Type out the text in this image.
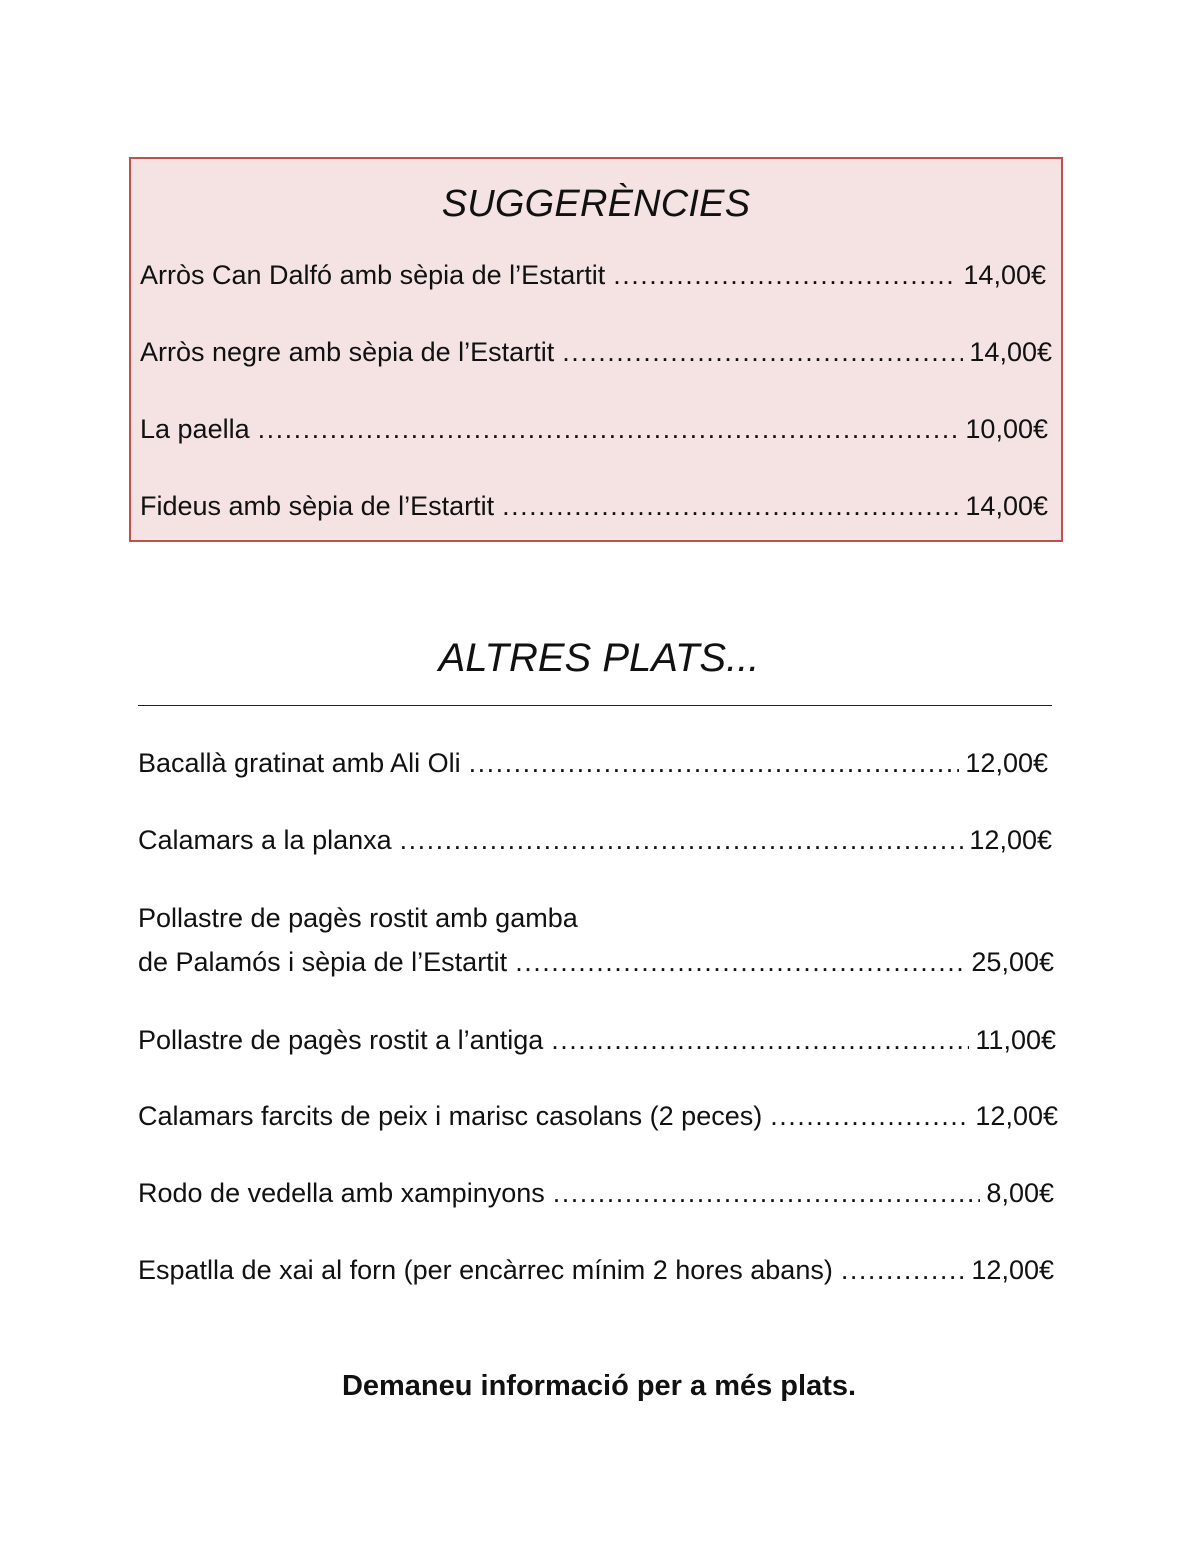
SUGGERÈNCIES
Arròs Can Dalfó amb sèpia de l’Estartit .....	14,00€
Arròs negre amb sèpia de l’Estartit .....	14,00€
La paella .....	10,00€
Fideus amb sèpia de l’Estartit .....	14,00€
ALTRES PLATS...
Bacallà gratinat amb Ali Oli .....	12,00€
Calamars a la planxa .....	12,00€
Pollastre de pagès rostit amb gamba
de Palamós i sèpia de l’Estartit .....	25,00€
Pollastre de pagès rostit a l’antiga .....	11,00€
Calamars farcits de peix i marisc casolans (2 peces) .....	12,00€
Rodo de vedella amb xampinyons .....	8,00€
Espatlla de xai al forn (per encàrrec mínim 2 hores abans) .....	12,00€

Demaneu informació per a més plats.
